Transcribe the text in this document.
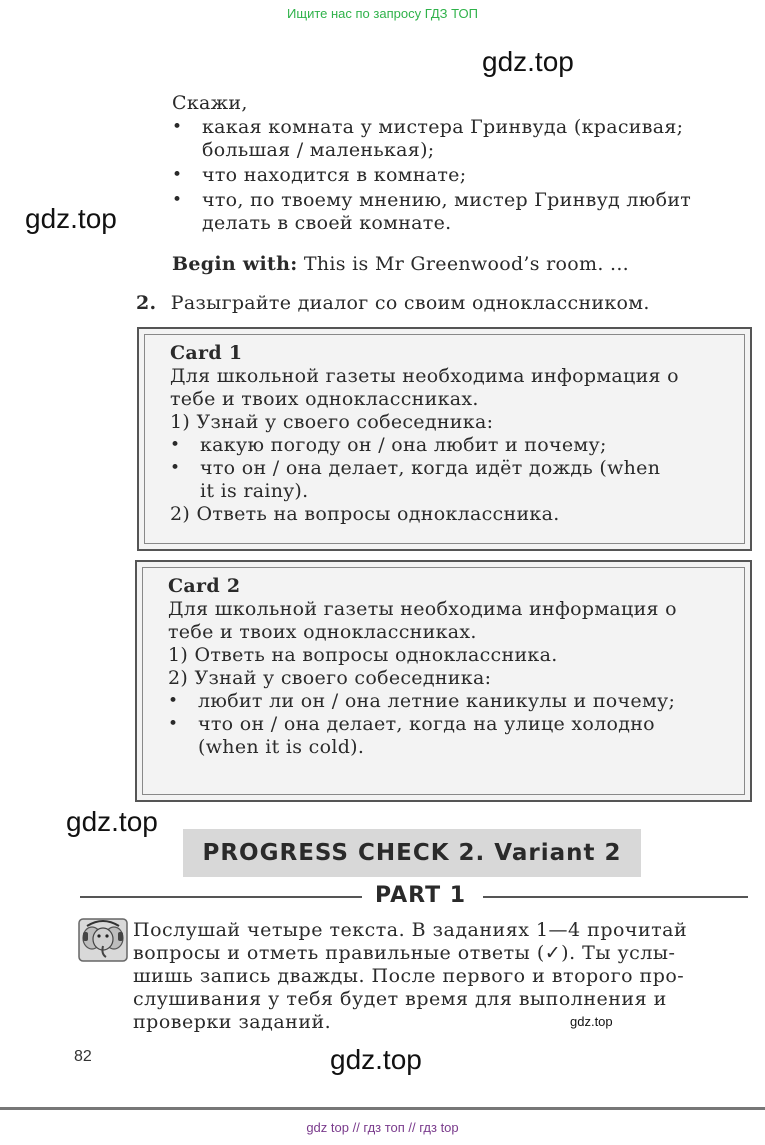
Ищите нас по запросу ГДЗ ТОП
gdz.top
gdz.top
gdz.top
gdz.top
gdz.top
Скажи,
• какая комната у мистера Гринвуда (красивая;
большая / маленькая);
• что находится в комнате;
• что, по твоему мнению, мистер Гринвуд любит
делать в своей комнате.
Begin with: This is Mr Greenwood’s room. ...
2. Разыграйте диалог со своим одноклассником.
Card 1
Для школьной газеты необходима информация о
тебе и твоих одноклассниках.
1) Узнай у своего собеседника:
• какую погоду он / она любит и почему;
• что он / она делает, когда идёт дождь (when
it is rainy).
2) Ответь на вопросы одноклассника.
Card 2
Для школьной газеты необходима информация о
тебе и твоих одноклассниках.
1) Ответь на вопросы одноклассника.
2) Узнай у своего собеседника:
• любит ли он / она летние каникулы и почему;
• что он / она делает, когда на улице холодно
(when it is cold).
PROGRESS CHECK 2. Variant 2
PART 1
Послушай четыре текста. В заданиях 1—4 прочитай
вопросы и отметь правильные ответы (✓). Ты услы-
шишь запись дважды. После первого и второго про-
слушивания у тебя будет время для выполнения и
проверки заданий.
82
gdz top // гдз топ // гдз top
